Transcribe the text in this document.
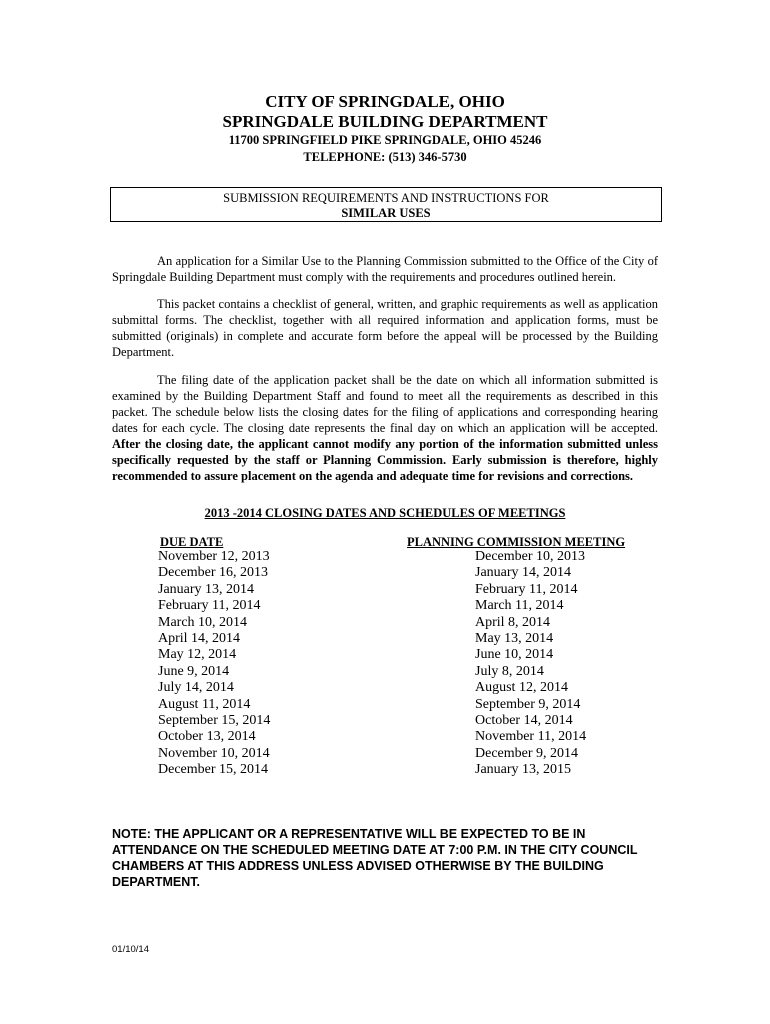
CITY OF SPRINGDALE, OHIO
SPRINGDALE BUILDING DEPARTMENT
11700 SPRINGFIELD PIKE SPRINGDALE, OHIO 45246
TELEPHONE: (513) 346-5730
SUBMISSION REQUIREMENTS AND INSTRUCTIONS FOR
SIMILAR USES
An application for a Similar Use to the Planning Commission submitted to the Office of the City of Springdale Building Department must comply with the requirements and procedures outlined herein.
This packet contains a checklist of general, written, and graphic requirements as well as application submittal forms. The checklist, together with all required information and application forms, must be submitted (originals) in complete and accurate form before the appeal will be processed by the Building Department.
The filing date of the application packet shall be the date on which all information submitted is examined by the Building Department Staff and found to meet all the requirements as described in this packet. The schedule below lists the closing dates for the filing of applications and corresponding hearing dates for each cycle. The closing date represents the final day on which an application will be accepted. After the closing date, the applicant cannot modify any portion of the information submitted unless specifically requested by the staff or Planning Commission. Early submission is therefore, highly recommended to assure placement on the agenda and adequate time for revisions and corrections.
2013 -2014 CLOSING DATES AND SCHEDULES OF MEETINGS
DUE DATE	PLANNING COMMISSION MEETING
November 12, 2013
December 16, 2013
January 13, 2014
February 11, 2014
March 10, 2014
April 14, 2014
May 12, 2014
June 9, 2014
July 14, 2014
August 11, 2014
September 15, 2014
October 13, 2014
November 10, 2014
December 15, 2014
December 10, 2013
January 14, 2014
February 11, 2014
March 11, 2014
April 8, 2014
May 13, 2014
June 10, 2014
July 8, 2014
August 12, 2014
September 9, 2014
October 14, 2014
November 11, 2014
December 9, 2014
January 13, 2015
NOTE: THE APPLICANT OR A REPRESENTATIVE WILL BE EXPECTED TO BE IN ATTENDANCE ON THE SCHEDULED MEETING DATE AT 7:00 P.M. IN THE CITY COUNCIL CHAMBERS AT THIS ADDRESS UNLESS ADVISED OTHERWISE BY THE BUILDING DEPARTMENT.
01/10/14
